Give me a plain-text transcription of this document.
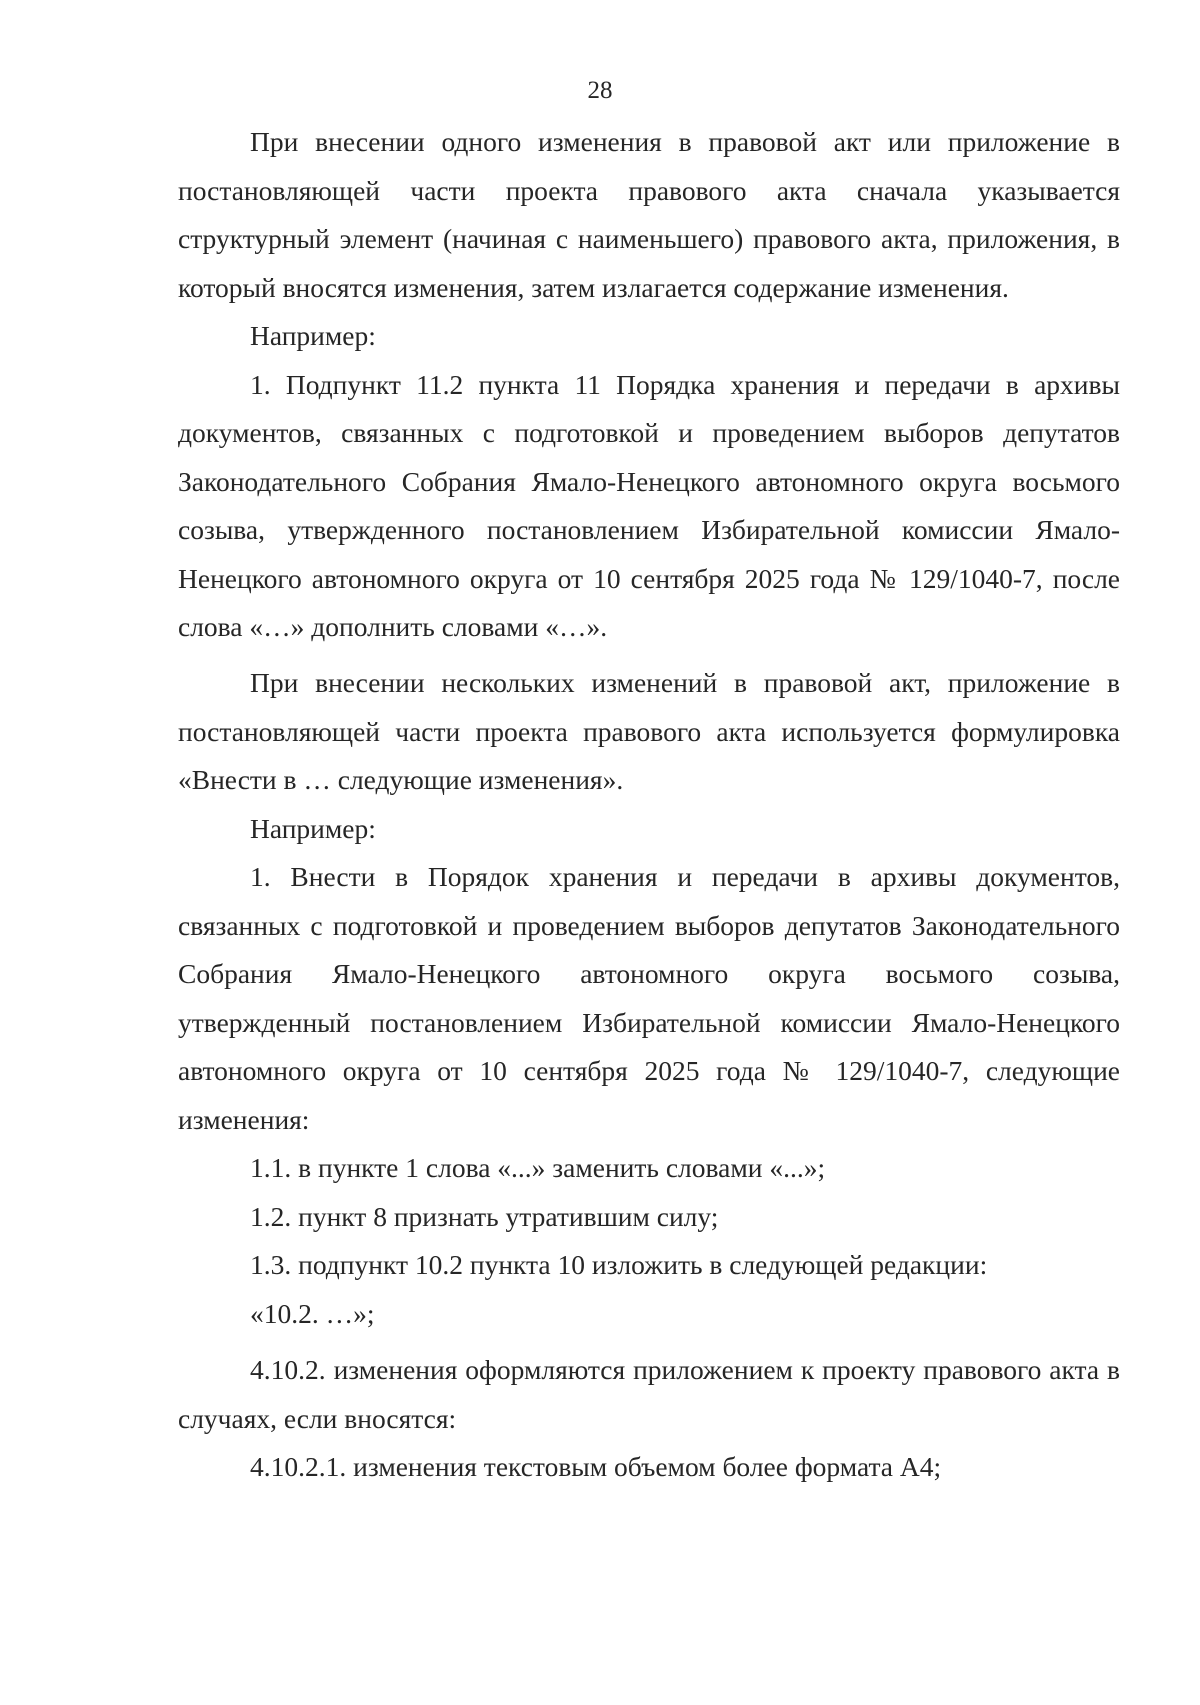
28

При внесении одного изменения в правовой акт или приложение в постановляющей части проекта правового акта сначала указывается структурный элемент (начиная с наименьшего) правового акта, приложения, в который вносятся изменения, затем излагается содержание изменения.

Например:

1. Подпункт 11.2 пункта 11 Порядка хранения и передачи в архивы документов, связанных с подготовкой и проведением выборов депутатов Законодательного Собрания Ямало-Ненецкого автономного округа восьмого созыва, утвержденного постановлением Избирательной комиссии Ямало-Ненецкого автономного округа от 10 сентября 2025 года № 129/1040-7, после слова «…» дополнить словами «…».

При внесении нескольких изменений в правовой акт, приложение в постановляющей части проекта правового акта используется формулировка «Внести в … следующие изменения».

Например:

1. Внести в Порядок хранения и передачи в архивы документов, связанных с подготовкой и проведением выборов депутатов Законодательного Собрания Ямало-Ненецкого автономного округа восьмого созыва, утвержденный постановлением Избирательной комиссии Ямало-Ненецкого автономного округа от 10 сентября 2025 года № 129/1040-7, следующие изменения:

1.1. в пункте 1 слова «...» заменить словами «...»;

1.2. пункт 8 признать утратившим силу;

1.3. подпункт 10.2 пункта 10 изложить в следующей редакции:

«10.2. …»;

4.10.2. изменения оформляются приложением к проекту правового акта в случаях, если вносятся:

4.10.2.1. изменения текстовым объемом более формата А4;
